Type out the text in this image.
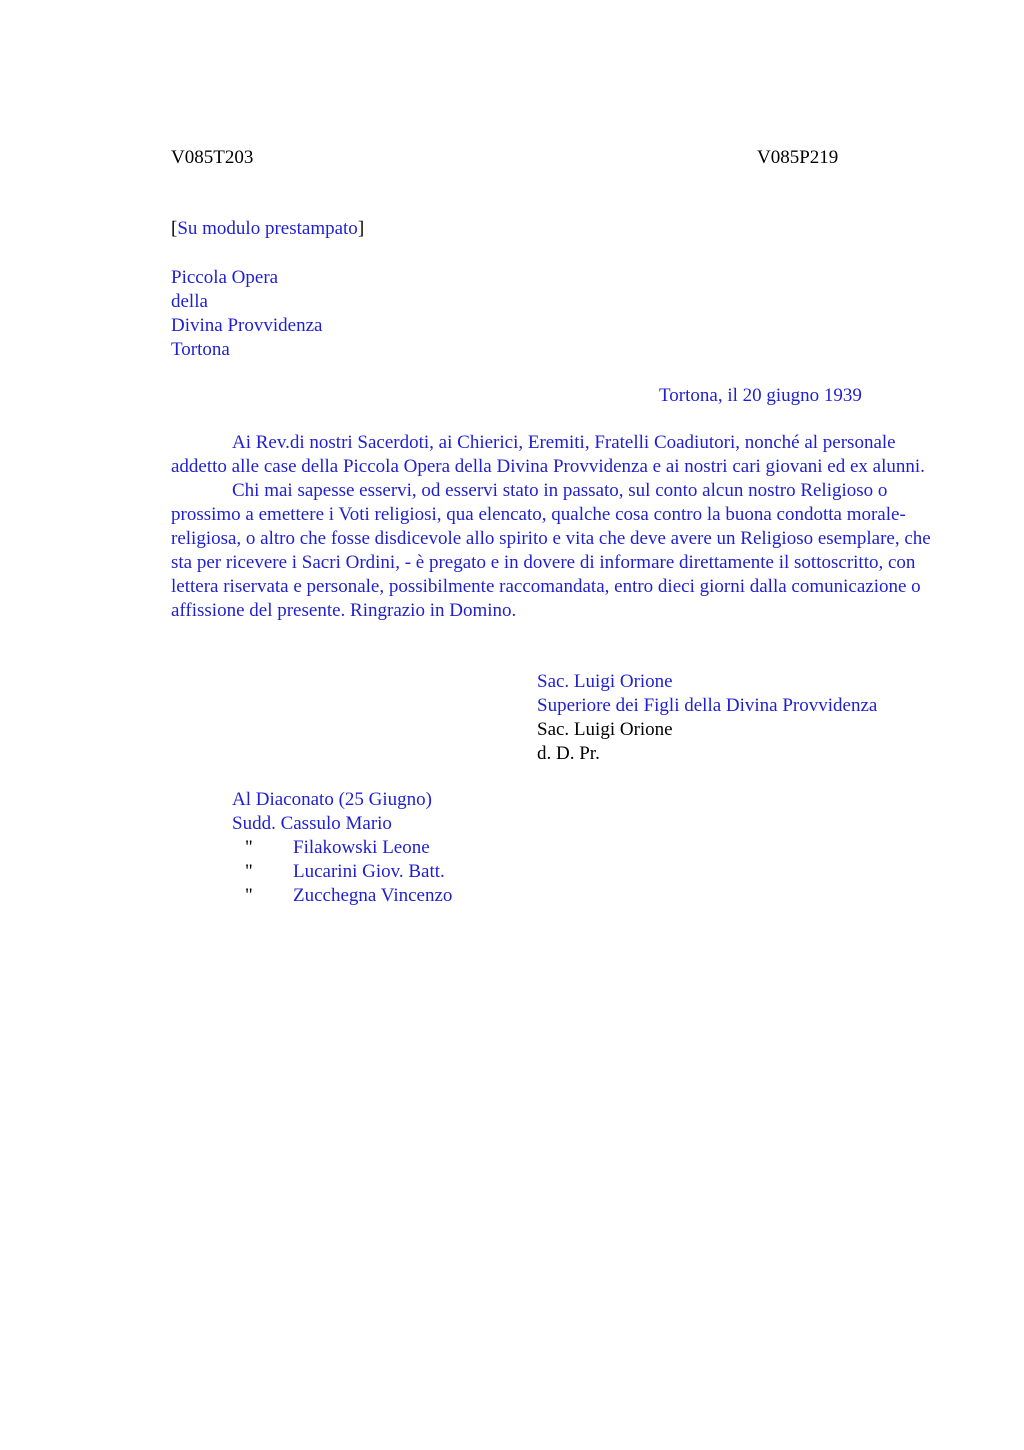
V085T203	V085P219
[Su modulo prestampato]
Piccola Opera
della
Divina Provvidenza
Tortona
Tortona, il 20 giugno 1939

Ai Rev.di nostri Sacerdoti, ai Chierici, Eremiti, Fratelli Coadiutori, nonché al personale addetto alle case della Piccola Opera della Divina Provvidenza e ai nostri cari giovani ed ex alunni.

Chi mai sapesse esservi, od esservi stato in passato, sul conto alcun nostro Religioso o prossimo a emettere i Voti religiosi, qua elencato, qualche cosa contro la buona condotta morale-religiosa, o altro che fosse disdicevole allo spirito e vita che deve avere un Religioso esemplare, che sta per ricevere i Sacri Ordini, - è pregato e in dovere di informare direttamente il sottoscritto, con lettera riservata e personale, possibilmente raccomandata, entro dieci giorni dalla comunicazione o affissione del presente. Ringrazio in Domino.

Sac. Luigi Orione
Superiore dei Figli della Divina Provvidenza
Sac. Luigi Orione
d. D. Pr.
Al Diaconato (25 Giugno)
Sudd. Cassulo Mario
" Filakowski Leone
" Lucarini Giov. Batt.
" Zucchegna Vincenzo
